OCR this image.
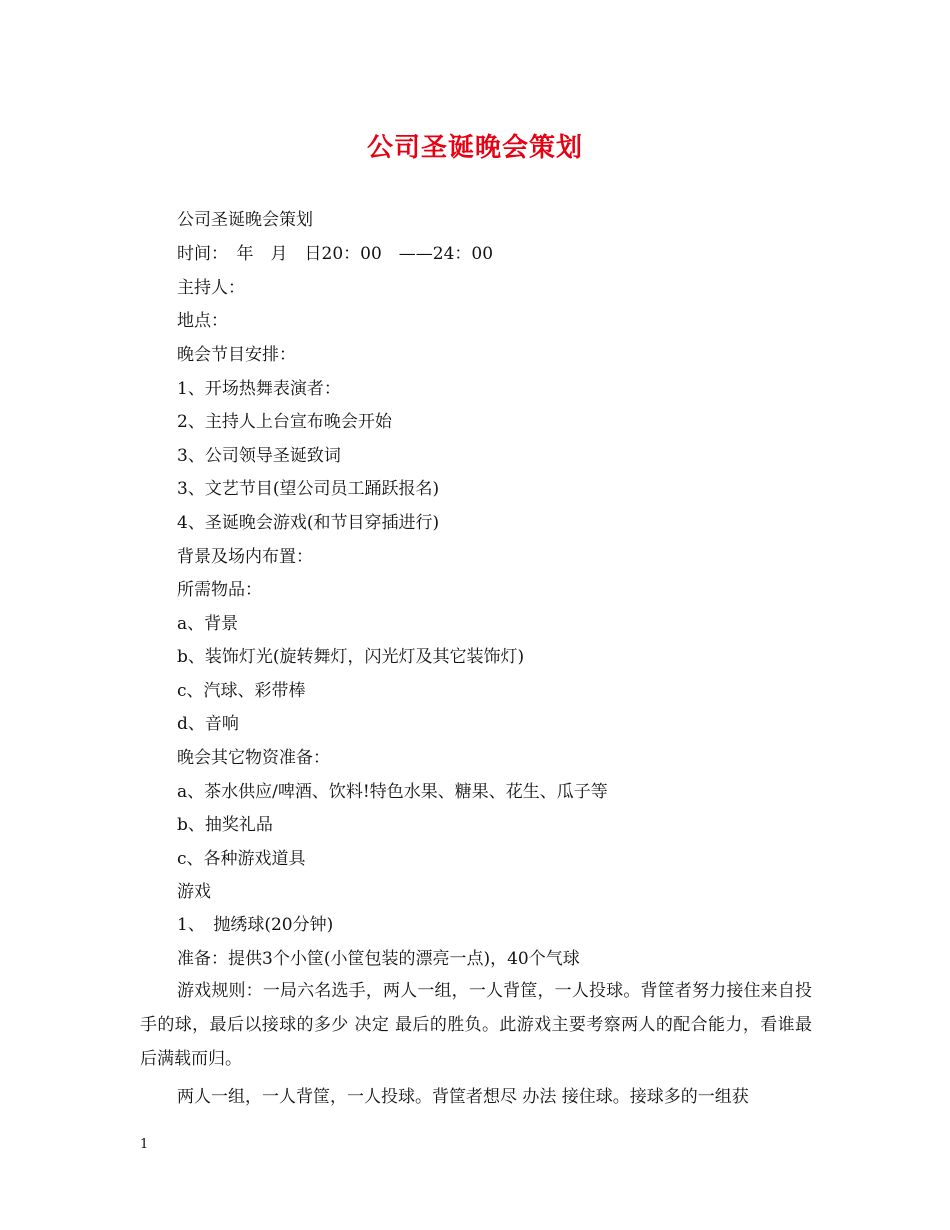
公司圣诞晚会策划
公司圣诞晚会策划
时间：　年　月　日20：00　——24：00
主持人：
地点：
晚会节目安排：
1、开场热舞表演者：
2、主持人上台宣布晚会开始
3、公司领导圣诞致词
3、文艺节目(望公司员工踊跃报名)
4、圣诞晚会游戏(和节目穿插进行)
背景及场内布置：
所需物品：
a、背景
b、装饰灯光(旋转舞灯，闪光灯及其它装饰灯)
c、汽球、彩带棒
d、音响
晚会其它物资准备：
a、茶水供应/啤酒、饮料!特色水果、糖果、花生、瓜子等
b、抽奖礼品
c、各种游戏道具
游戏
1、　抛绣球(20分钟)
准备：提供3个小筐(小筐包装的漂亮一点)，40个气球
游戏规则：一局六名选手，两人一组，一人背筐，一人投球。背筐者努力接住来自投手的球，最后以接球的多少 决定 最后的胜负。此游戏主要考察两人的配合能力，看谁最后满载而归。
两人一组，一人背筐，一人投球。背筐者想尽 办法 接住球。接球多的一组获
1
